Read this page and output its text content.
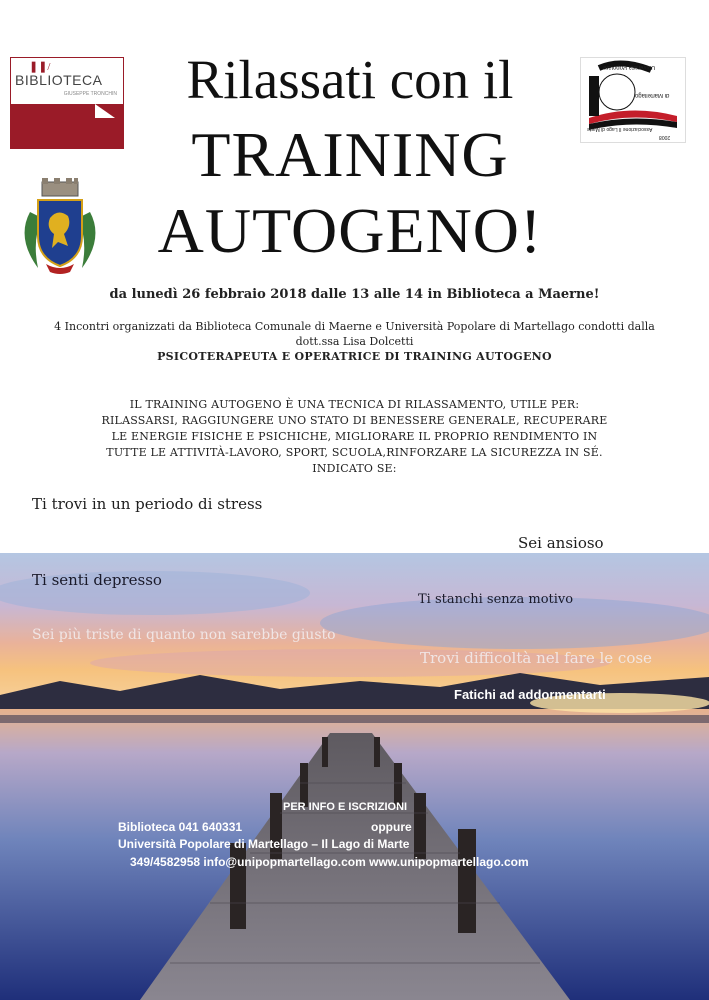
❚❚/
BIBLIOTECA
GIUSEPPE TRONCHIN
Università Popolare
di Martellago
Associazione Il Lago di Marte
2008
Rilassati con il
TRAINING
AUTOGENO!
da lunedì 26 febbraio 2018 dalle 13 alle 14 in Biblioteca a Maerne!
4 Incontri organizzati da Biblioteca Comunale di Maerne e Università Popolare di Martellago condotti dalla
dott.ssa Lisa Dolcetti
PSICOTERAPEUTA E OPERATRICE DI TRAINING AUTOGENO
IL TRAINING AUTOGENO È UNA TECNICA DI RILASSAMENTO, UTILE PER:
RILASSARSI, RAGGIUNGERE UNO STATO DI BENESSERE GENERALE, RECUPERARE
LE ENERGIE FISICHE E PSICHICHE, MIGLIORARE IL PROPRIO RENDIMENTO IN
TUTTE LE ATTIVITÀ-LAVORO, SPORT, SCUOLA,RINFORZARE LA SICUREZZA IN SÉ.
INDICATO SE:
Ti trovi in un periodo di stress
Sei ansioso
Ti senti depresso
Ti stanchi senza motivo
Sei più triste di quanto non sarebbe giusto
Trovi difficoltà nel fare le cose
Fatichi ad addormentarti
PER INFO E ISCRIZIONI
Biblioteca 041 640331	oppure
Università Popolare di Martellago – Il Lago di Marte
349/4582958 info@unipopmartellago.com www.unipopmartellago.com
